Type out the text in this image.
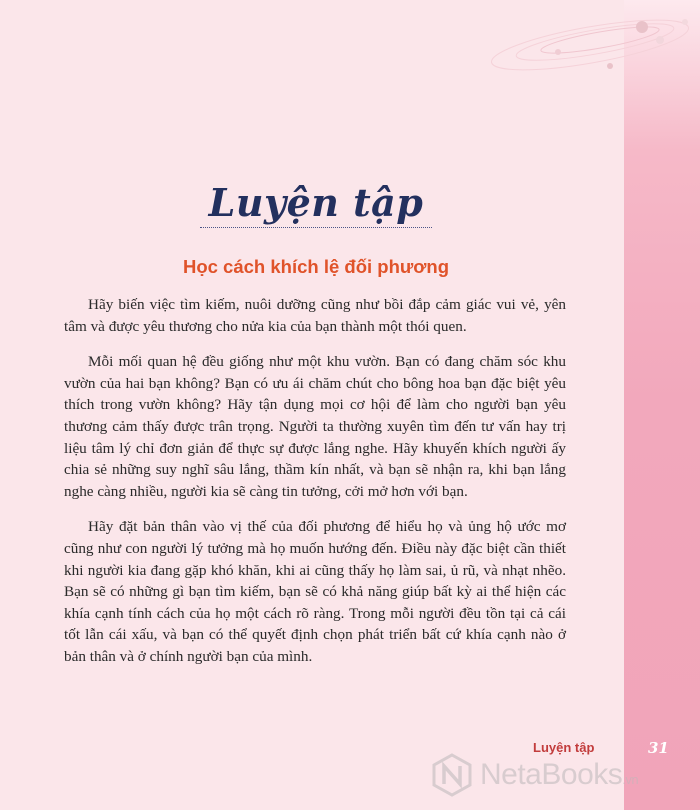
Luyện tập
Học cách khích lệ đối phương

Hãy biến việc tìm kiếm, nuôi dưỡng cũng như bồi đắp cảm giác vui vẻ, yên tâm và được yêu thương cho nửa kia của bạn thành một thói quen.

Mỗi mối quan hệ đều giống như một khu vườn. Bạn có đang chăm sóc khu vườn của hai bạn không? Bạn có ưu ái chăm chút cho bông hoa bạn đặc biệt yêu thích trong vườn không? Hãy tận dụng mọi cơ hội để làm cho người bạn yêu thương cảm thấy được trân trọng. Người ta thường xuyên tìm đến tư vấn hay trị liệu tâm lý chỉ đơn giản để thực sự được lắng nghe. Hãy khuyến khích người ấy chia sẻ những suy nghĩ sâu lắng, thầm kín nhất, và bạn sẽ nhận ra, khi bạn lắng nghe càng nhiều, người kia sẽ càng tin tưởng, cởi mở hơn với bạn.

Hãy đặt bản thân vào vị thế của đối phương để hiểu họ và ủng hộ ước mơ cũng như con người lý tưởng mà họ muốn hướng đến. Điều này đặc biệt cần thiết khi người kia đang gặp khó khăn, khi ai cũng thấy họ làm sai, ủ rũ, và nhạt nhẽo. Bạn sẽ có những gì bạn tìm kiếm, bạn sẽ có khả năng giúp bất kỳ ai thể hiện các khía cạnh tính cách của họ một cách rõ ràng. Trong mỗi người đều tồn tại cả cái tốt lẫn cái xấu, và bạn có thể quyết định chọn phát triển bất cứ khía cạnh nào ở bản thân và ở chính người bạn của mình.

Luyện tập	31
NetaBooks.vn
